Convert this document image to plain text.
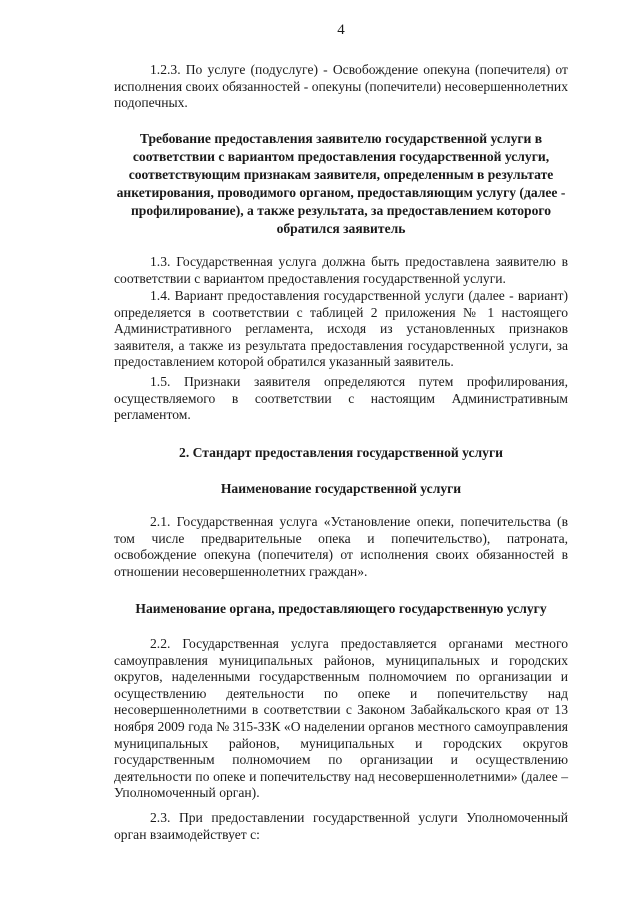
4

1.2.3. По услуге (подуслуге) - Освобождение опекуна (попечителя) от исполнения своих обязанностей - опекуны (попечители) несовершеннолетних подопечных.

Требование предоставления заявителю государственной услуги в соответствии с вариантом предоставления государственной услуги, соответствующим признакам заявителя, определенным в результате анкетирования, проводимого органом, предоставляющим услугу (далее - профилирование), а также результата, за предоставлением которого обратился заявитель

1.3. Государственная услуга должна быть предоставлена заявителю в соответствии с вариантом предоставления государственной услуги.

1.4. Вариант предоставления государственной услуги (далее - вариант) определяется в соответствии с таблицей 2 приложения № 1 настоящего Административного регламента, исходя из установленных признаков заявителя, а также из результата предоставления государственной услуги, за предоставлением которой обратился указанный заявитель.

1.5. Признаки заявителя определяются путем профилирования, осуществляемого в соответствии с настоящим Административным регламентом.

2. Стандарт предоставления государственной услуги

Наименование государственной услуги

2.1. Государственная услуга «Установление опеки, попечительства (в том числе предварительные опека и попечительство), патроната, освобождение опекуна (попечителя) от исполнения своих обязанностей в отношении несовершеннолетних граждан».

Наименование органа, предоставляющего государственную услугу

2.2. Государственная услуга предоставляется органами местного самоуправления муниципальных районов, муниципальных и городских округов, наделенными государственным полномочием по организации и осуществлению деятельности по опеке и попечительству над несовершеннолетними в соответствии с Законом Забайкальского края от 13 ноября 2009 года № 315-ЗЗК «О наделении органов местного самоуправления муниципальных районов, муниципальных и городских округов государственным полномочием по организации и осуществлению деятельности по опеке и попечительству над несовершеннолетними» (далее – Уполномоченный орган).

2.3. При предоставлении государственной услуги Уполномоченный орган взаимодействует с:
